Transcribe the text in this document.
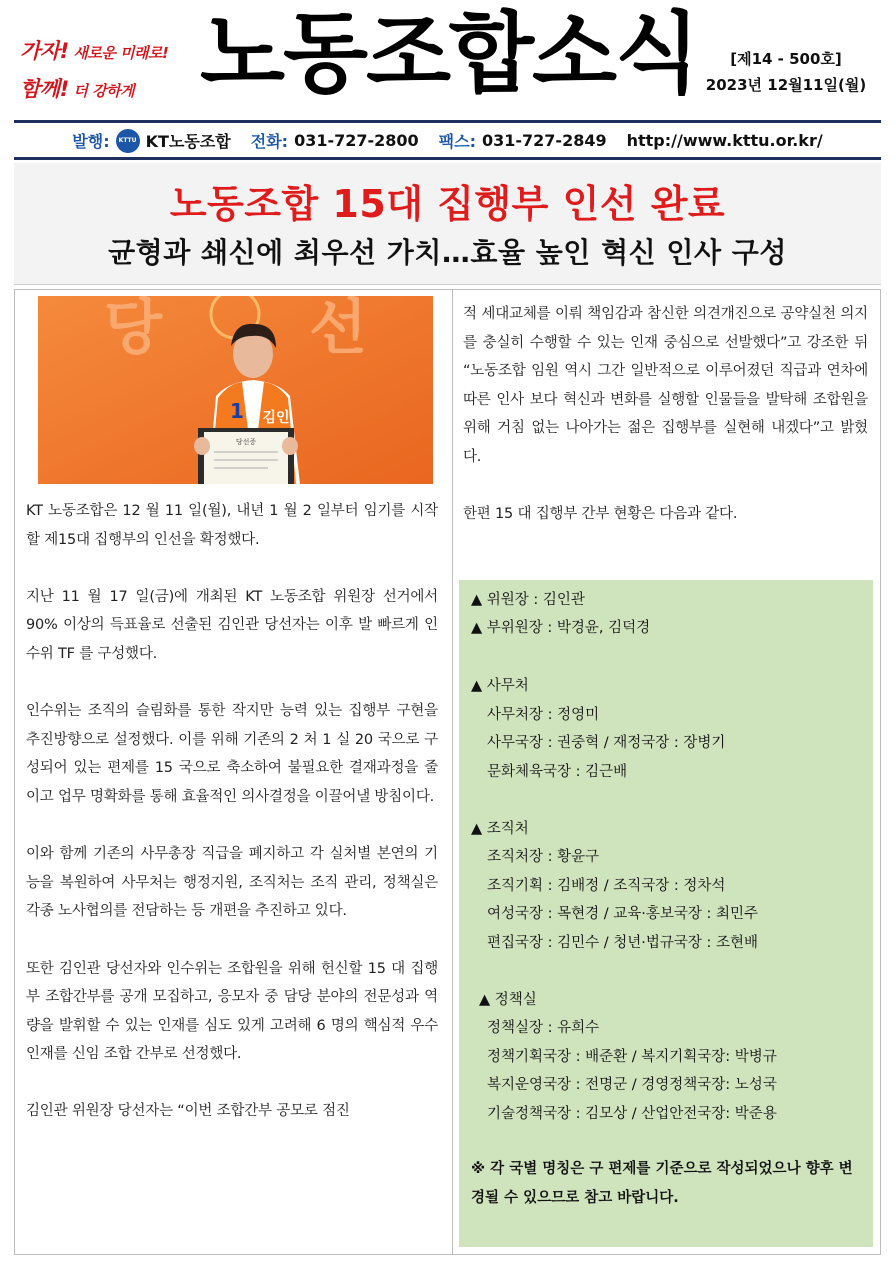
가자! 새로운 미래로!
함께! 더 강하게 노동조합소식	[제14 - 500호]
2023년 12월11일(월)
발행:	KTTU KT노동조합 전화: 031-727-2800 팩스: 031-727-2849 http://www.kttu.or.kr/
노동조합 15대 집행부 인선 완료
균형과 쇄신에 최우선 가치…효율 높인 혁신 인사 구성
당 선
1 김인
당선증

KT 노동조합은 12 월 11 일(월), 내년 1 월 2 일부터 임기를 시작할 제15대 집행부의 인선을 확정했다.

지난 11 월 17 일(금)에 개최된 KT 노동조합 위원장 선거에서 90% 이상의 득표율로 선출된 김인관 당선자는 이후 발 빠르게 인수위 TF 를 구성했다.

인수위는 조직의 슬림화를 통한 작지만 능력 있는 집행부 구현을 추진방향으로 설정했다. 이를 위해 기존의 2 처 1 실 20 국으로 구성되어 있는 편제를 15 국으로 축소하여 불필요한 결재과정을 줄이고 업무 명확화를 통해 효율적인 의사결정을 이끌어낼 방침이다.

이와 함께 기존의 사무총장 직급을 폐지하고 각 실처별 본연의 기능을 복원하여 사무처는 행정지원, 조직처는 조직 관리, 정책실은 각종 노사협의를 전담하는 등 개편을 추진하고 있다.

또한 김인관 당선자와 인수위는 조합원을 위해 헌신할 15 대 집행부 조합간부를 공개 모집하고, 응모자 중 담당 분야의 전문성과 역량을 발휘할 수 있는 인재를 심도 있게 고려해 6 명의 핵심적 우수인재를 신임 조합 간부로 선정했다.

김인관 위원장 당선자는 “이번 조합간부 공모로 점진

적 세대교체를 이뤄 책임감과 참신한 의견개진으로 공약실천 의지를 충실히 수행할 수 있는 인재 중심으로 선발했다”고 강조한 뒤 “노동조합 임원 역시 그간 일반적으로 이루어졌던 직급과 연차에 따른 인사 보다 혁신과 변화를 실행할 인물들을 발탁해 조합원을 위해 거침 없는 나아가는 젊은 집행부를 실현해 내겠다”고 밝혔다.

한편 15 대 집행부 간부 현황은 다음과 같다.

▲ 위원장 : 김인관
▲ 부위원장 : 박경윤, 김덕경
▲ 사무처
사무처장 : 정영미
사무국장 : 권중혁 / 재정국장 : 장병기
문화체육국장 : 김근배
▲ 조직처
조직처장 : 황윤구
조직기획 : 김배정 / 조직국장 : 정차석
여성국장 : 목현경 / 교육·홍보국장 : 최민주
편집국장 : 김민수 / 청년·법규국장 : 조현배
▲ 정책실
정책실장 : 유희수
정책기획국장 : 배준환 / 복지기획국장: 박병규
복지운영국장 : 전명군 / 경영정책국장: 노성국
기술정책국장 : 김모상 / 산업안전국장: 박준용
※ 각 국별 명칭은 구 편제를 기준으로 작성되었으나 향후 변경될 수 있으므로 참고 바랍니다.
